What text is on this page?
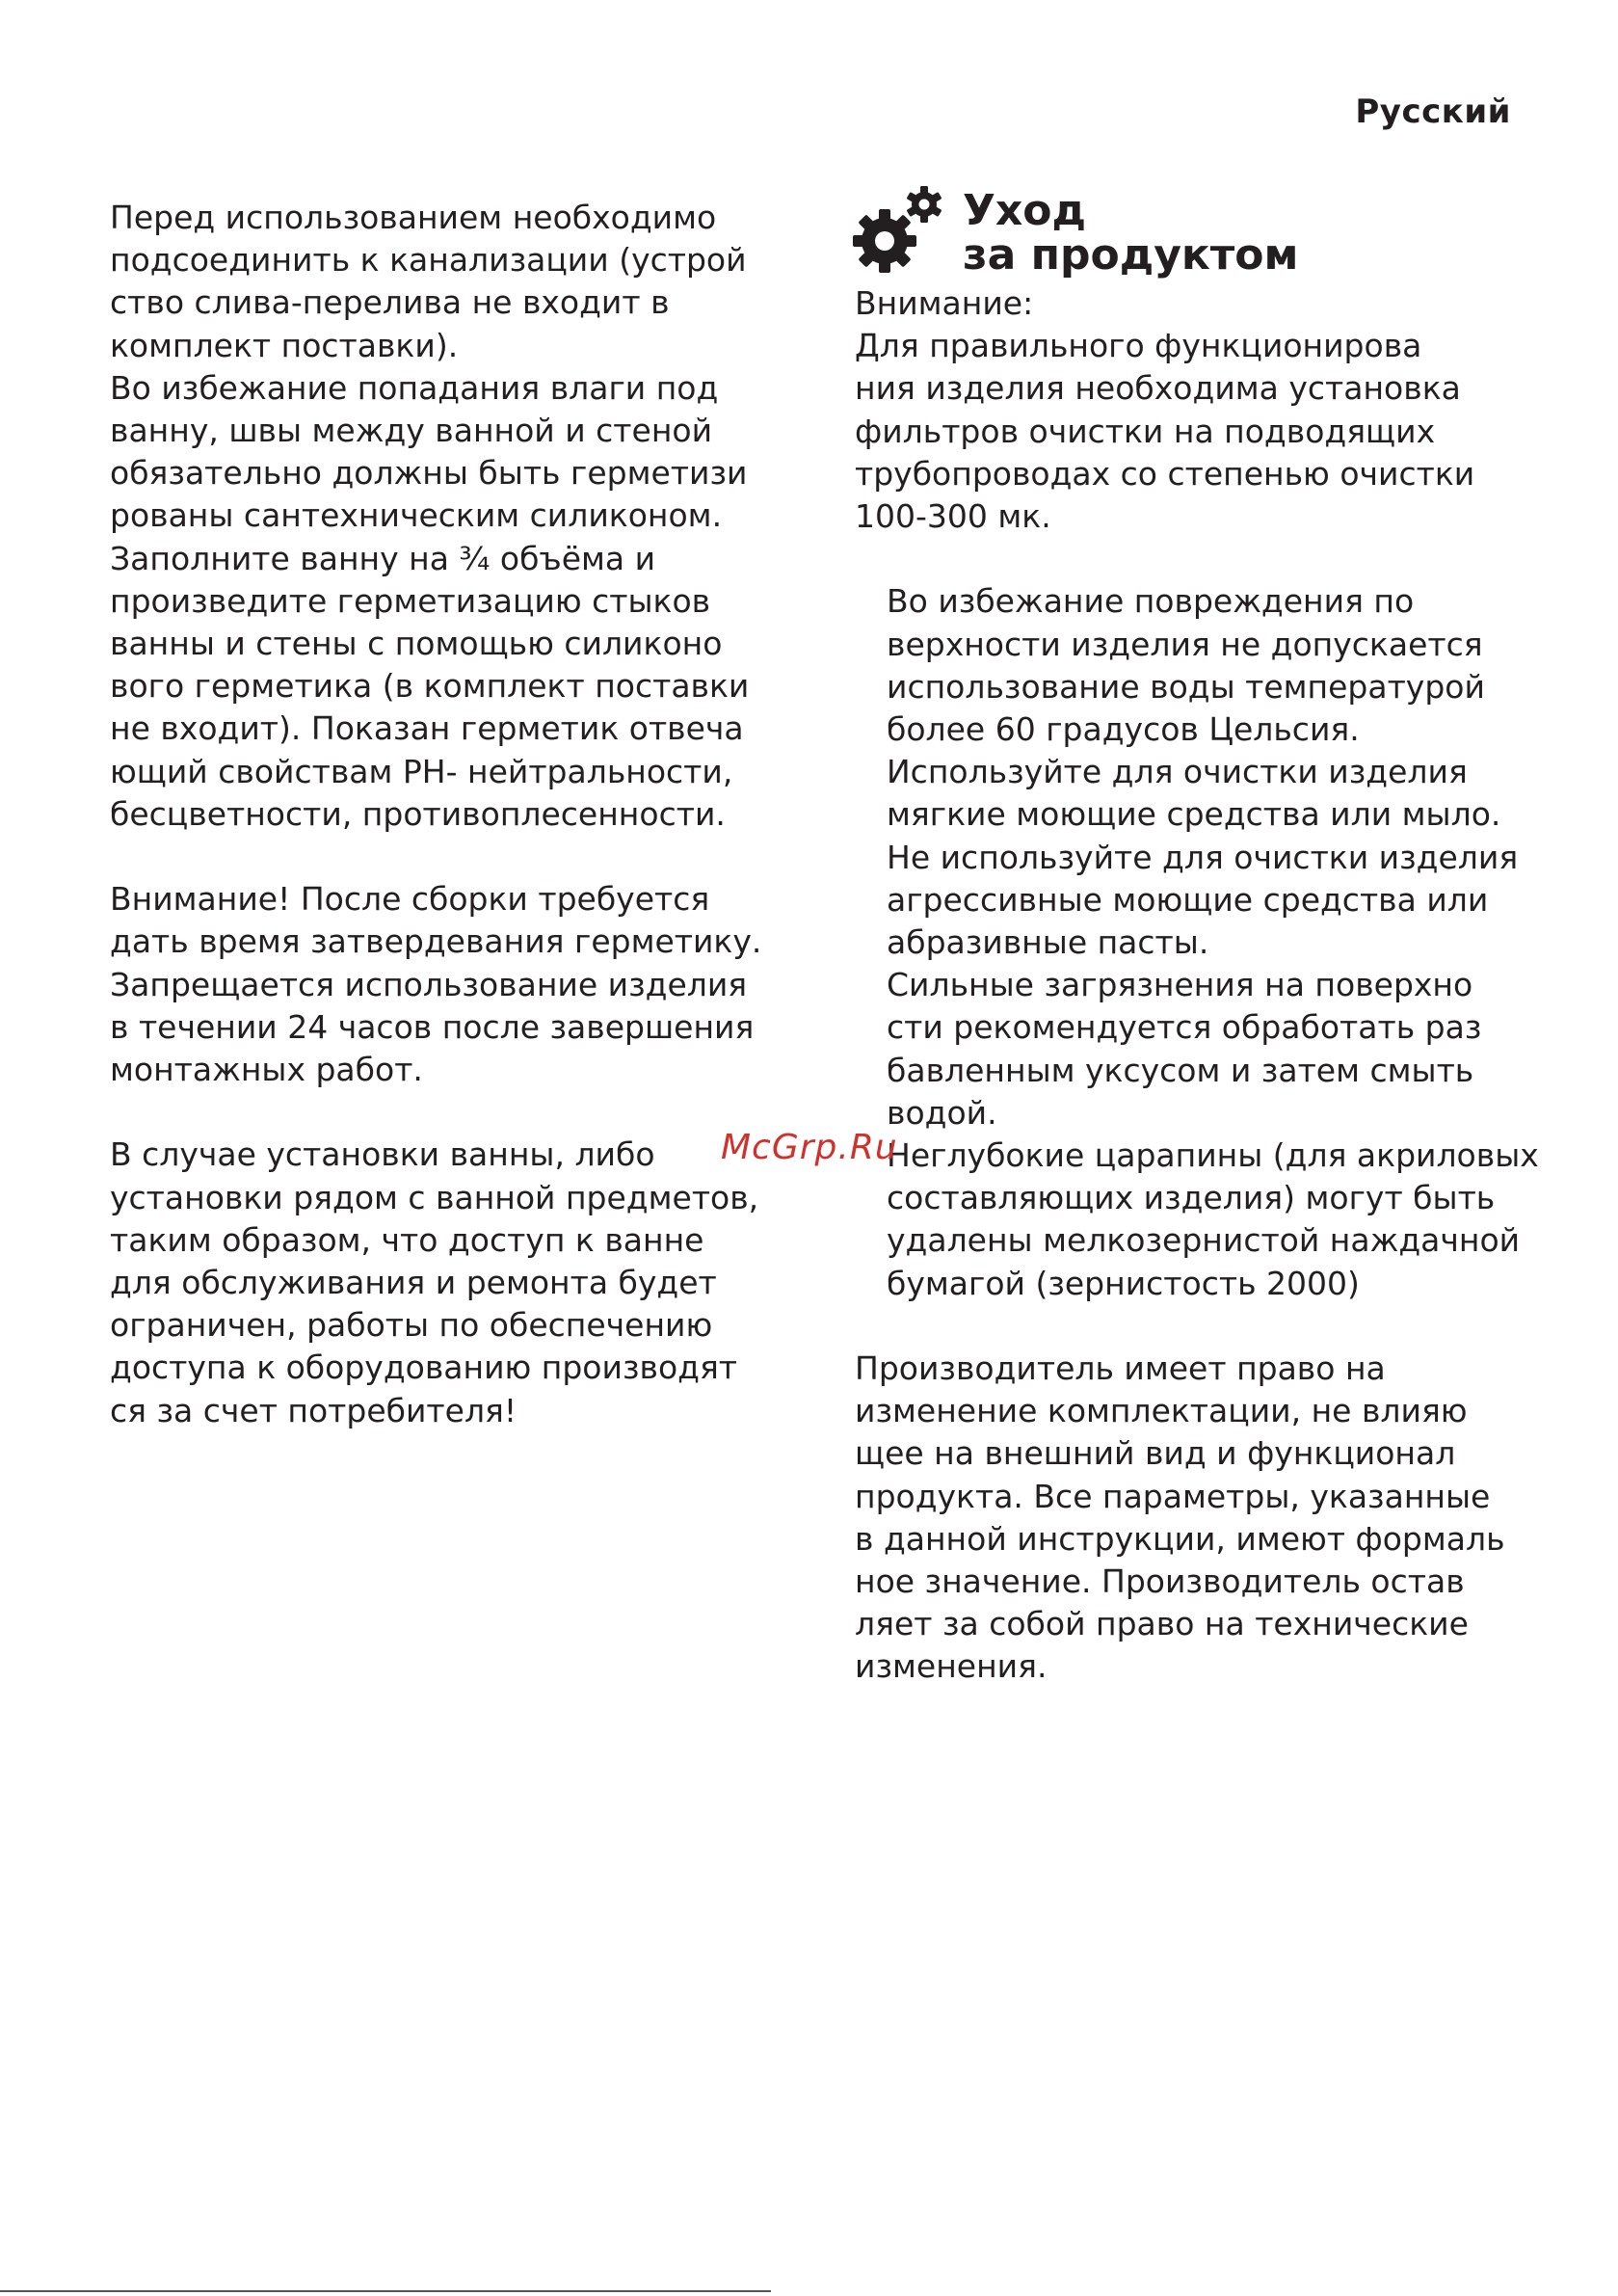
Русский
Перед использованием необходимо
подсоединить к канализации (устрой
ство слива-перелива не входит в
комплект поставки).
Во избежание попадания влаги под
ванну, швы между ванной и стеной
обязательно должны быть герметизи
рованы сантехническим силиконом.
Заполните ванну на ¾ объёма и
произведите герметизацию стыков
ванны и стены с помощью силиконо
вого герметика (в комплект поставки
не входит). Показан герметик отвеча
ющий свойствам PH- нейтральности,
бесцветности, противоплесенности.
Внимание! После сборки требуется
дать время затвердевания герметику.
Запрещается использование изделия
в течении 24 часов после завершения
монтажных работ.
В случае установки ванны, либо
установки рядом с ванной предметов,
таким образом, что доступ к ванне
для обслуживания и ремонта будет
ограничен, работы по обеспечению
доступа к оборудованию производят
ся за счет потребителя!
Уход
за продуктом
Внимание:
Для правильного функционирова
ния изделия необходима установка
фильтров очистки на подводящих
трубопроводах со степенью очистки
100-300 мк.
Во избежание повреждения по
верхности изделия не допускается
использование воды температурой
более 60 градусов Цельсия.
Используйте для очистки изделия
мягкие моющие средства или мыло.
Не используйте для очистки изделия
агрессивные моющие средства или
абразивные пасты.
Сильные загрязнения на поверхно
сти рекомендуется обработать раз
бавленным уксусом и затем смыть
водой.
Неглубокие царапины (для акриловых
составляющих изделия) могут быть
удалены мелкозернистой наждачной
бумагой (зернистость 2000)
Производитель имеет право на
изменение комплектации, не влияю
щее на внешний вид и функционал
продукта. Все параметры, указанные
в данной инструкции, имеют формаль
ное значение. Производитель остав
ляет за собой право на технические
изменения.
McGrp.Ru
